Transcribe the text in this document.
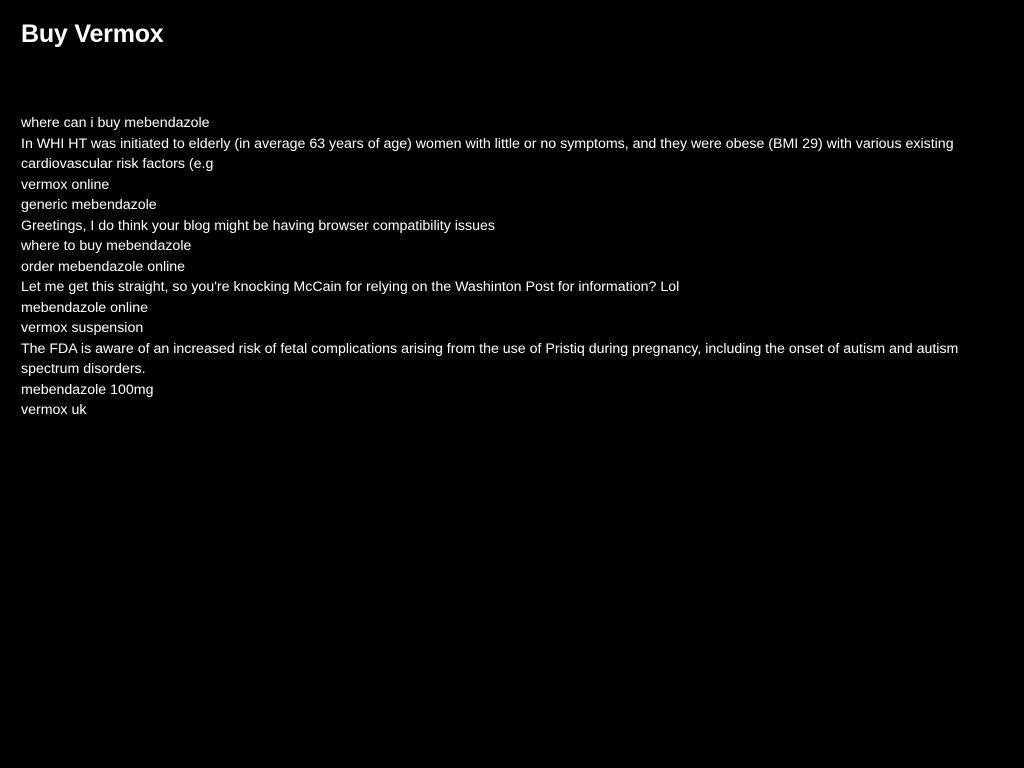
Buy Vermox
where can i buy mebendazole
In WHI HT was initiated to elderly (in average 63 years of age) women with little or no symptoms, and they were obese (BMI 29) with various existing cardiovascular risk factors (e.g
vermox online
generic mebendazole
Greetings, I do think your blog might be having browser compatibility issues
where to buy mebendazole
order mebendazole online
Let me get this straight, so you're knocking McCain for relying on the Washinton Post for information? Lol
mebendazole online
vermox suspension
The FDA is aware of an increased risk of fetal complications arising from the use of Pristiq during pregnancy, including the onset of autism and autism spectrum disorders.
mebendazole 100mg
vermox uk
